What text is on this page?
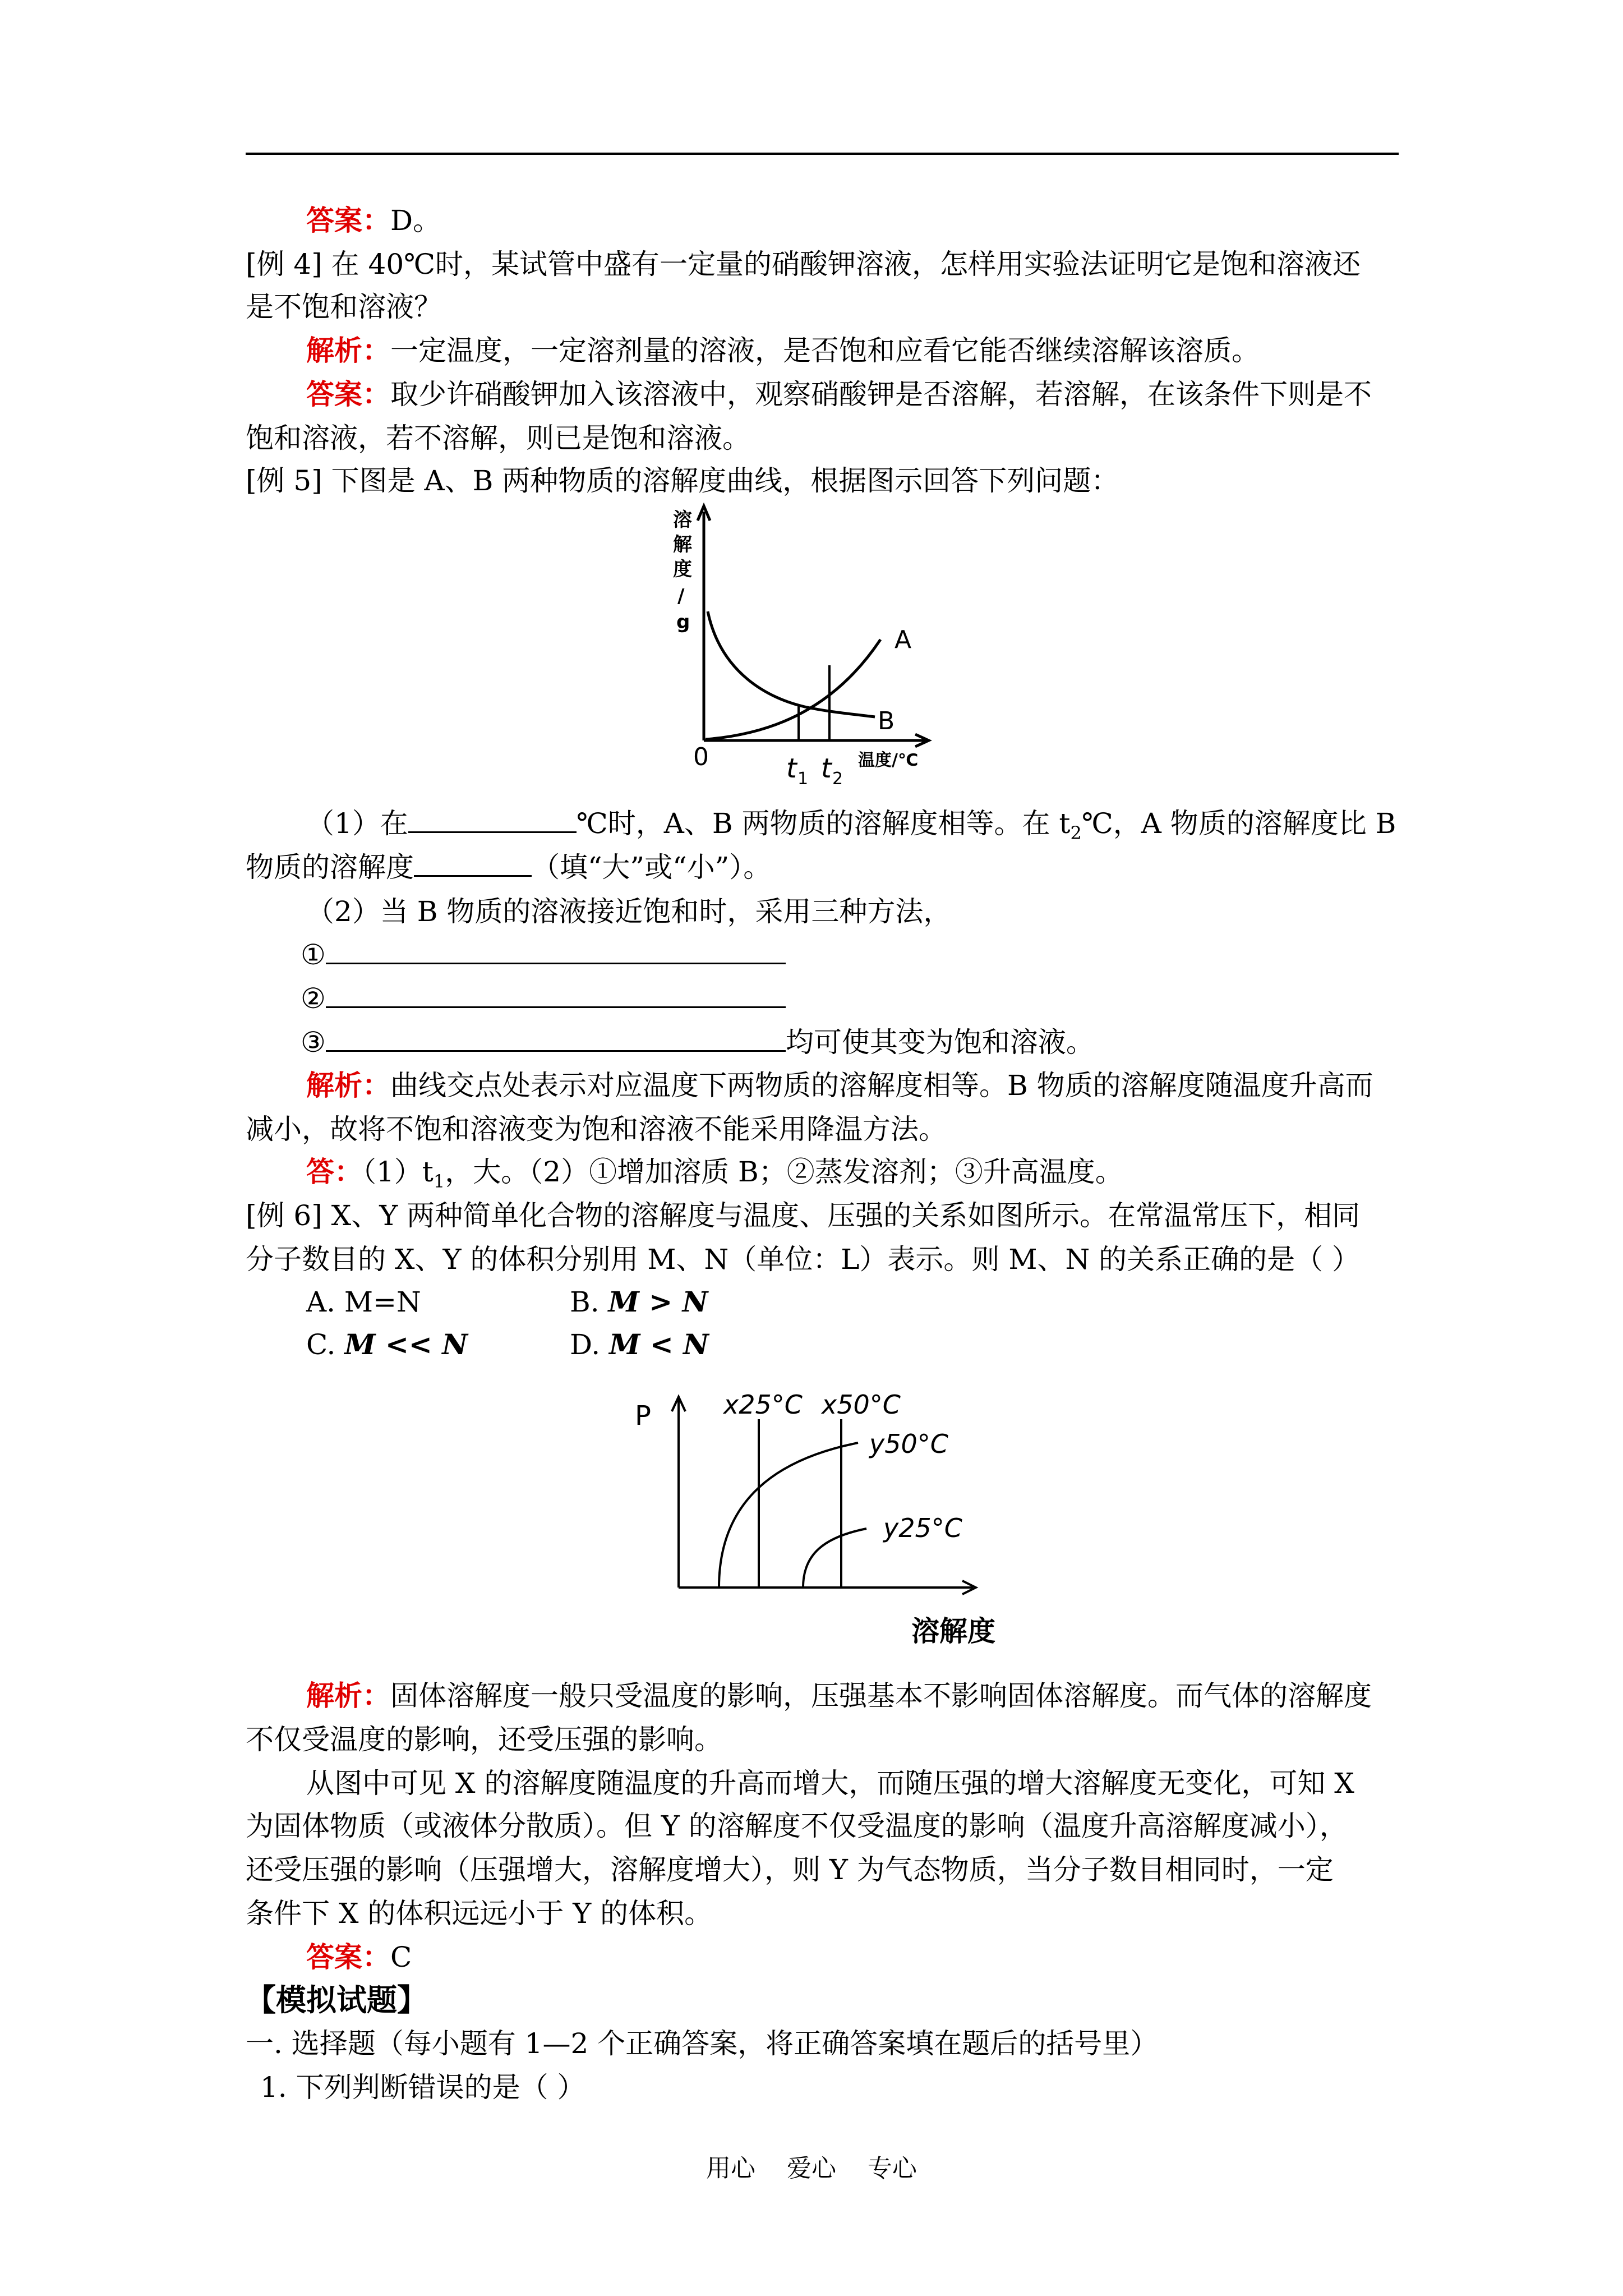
答案：D。
[例 4] 在 40℃时，某试管中盛有一定量的硝酸钾溶液，怎样用实验法证明它是饱和溶液还
是不饱和溶液？
解析：一定温度，一定溶剂量的溶液，是否饱和应看它能否继续溶解该溶质。
答案：取少许硝酸钾加入该溶液中，观察硝酸钾是否溶解，若溶解，在该条件下则是不
饱和溶液，若不溶解，则已是饱和溶液。
[例 5] 下图是 A、B 两种物质的溶解度曲线，根据图示回答下列问题：
溶
解
度
/
g
0	t 1 t 2
温度/℃
A
B
（1）在	℃时，A、B 两物质的溶解度相等。在 $t_2℃$，A 物质的溶解度比 B
物质的溶解度	（填“大”或“小”）。
（2）当 B 物质的溶液接近饱和时，采用三种方法，
①
②
③	均可使其变为饱和溶液。
解析：曲线交点处表示对应温度下两物质的溶解度相等。B 物质的溶解度随温度升高而
减小，故将不饱和溶液变为饱和溶液不能采用降温方法。
答：$(1)t_1$，大。（2）①增加溶质 B；②蒸发溶剂；③升高温度。
[例 6] X、Y 两种简单化合物的溶解度与温度、压强的关系如图所示。在常温常压下，相同
分子数目的 X、Y 的体积分别用 M、N（单位：L）表示。则 M、N 的关系正确的是（ ）
A. M=N	B. M > N
C. M << N	D. M < N
P	x25°C x50°C
y50°C
y25°C
溶解度
解析：固体溶解度一般只受温度的影响，压强基本不影响固体溶解度。而气体的溶解度
不仅受温度的影响，还受压强的影响。
从图中可见 X 的溶解度随温度的升高而增大，而随压强的增大溶解度无变化，可知 X
为固体物质（或液体分散质）。但 Y 的溶解度不仅受温度的影响（温度升高溶解度减小），
还受压强的影响（压强增大，溶解度增大），则 Y 为气态物质，当分子数目相同时，一定
条件下 X 的体积远远小于 Y 的体积。
答案：C
【模拟试题】
一. 选择题（每小题有 1—2 个正确答案，将正确答案填在题后的括号里）
1. 下列判断错误的是（ ）
用心    爱心    专心
